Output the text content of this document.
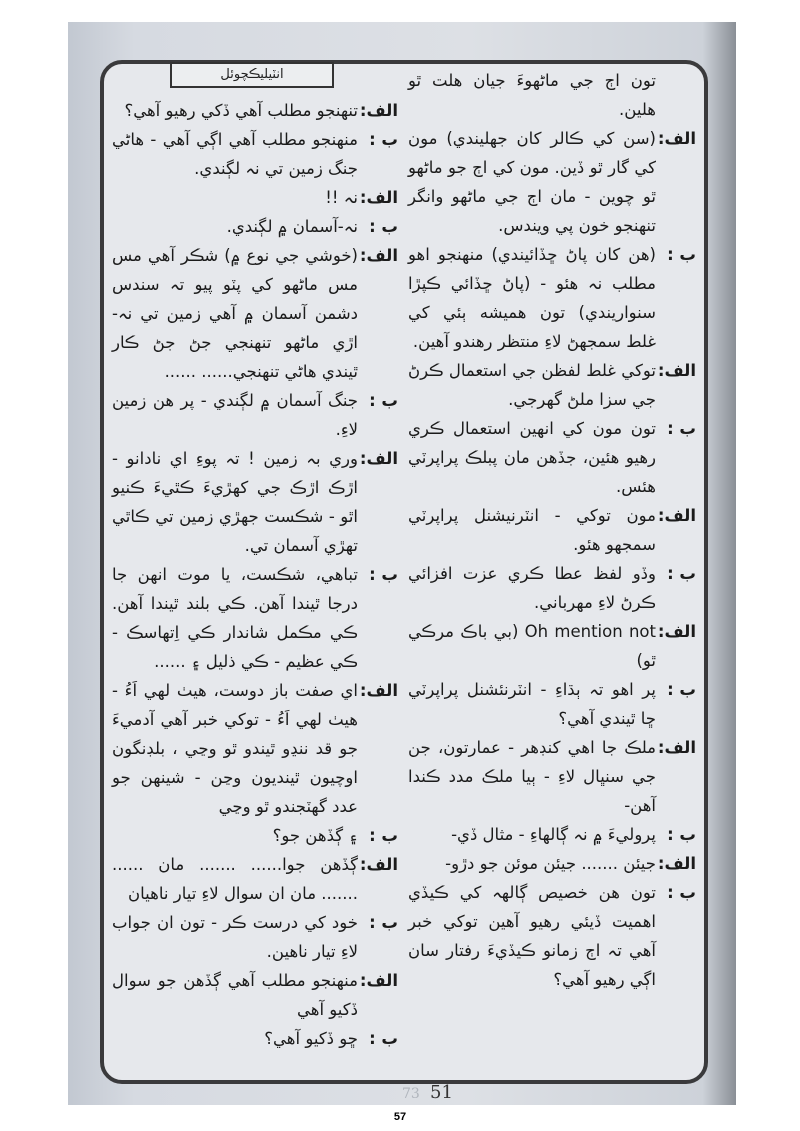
انٽيليڪچوئل	تون اڄ جي ماڻهوءَ جيان هلت ٿو هلين.
الف:
(سن کي ڪالر کان جهليندي) مون کي گار ٿو ڏين. مون کي اڄ جو ماڻهو ٿو چوين - مان اڄ جي ماڻهو وانگر تنهنجو خون پي ويندس.
ب :
(هن کان پاڻ ڇڏائيندي) منهنجو اهو مطلب نہ هئو - (پاڻ ڇڏائي ڪپڙا سنواريندي) تون هميشه ٻئي کي غلط سمجهڻ لاءِ منتظر رهندو آهين.
الف:
توکي غلط لفظن جي استعمال ڪرڻ جي سزا ملڻ گهرجي.
ب :
تون مون کي انهين استعمال ڪري رهيو هئين، جڏهن مان پبلڪ پراپرٽي هئس.
الف:
مون توکي - انٽرنيشنل پراپرٽي سمجهو هئو.
ب :
وڏو لفظ عطا ڪري عزت افزائي ڪرڻ لاءِ مهرباني.
الف:
Oh mention not (بي باڪ مرڪي ٿو)
ب :
پر اهو تہ ٻڌاءِ - انٽرنئشنل پراپرٽي ڇا ٿيندي آهي؟
الف:
ملڪ جا اهي کنڊهر - عمارتون، جن جي سنڀال لاءِ - ٻيا ملڪ مدد ڪندا آهن-
ب :
پروليءَ ۾ نہ ڳالهاءِ - مثال ڏي-
الف:
جيئن ....... جيئن موئن جو دڙو-
ب :
تون هن خصيص ڳالهہ کي ڪيڏي اهميت ڏيئي رهيو آهين توکي خبر آهي تہ اڄ زمانو ڪيڏيءَ رفتار سان اڳي رهيو آهي؟
الف:
تنهنجو مطلب آهي ڏکي رهيو آهي؟
ب :
منهنجو مطلب آهي اڳي آهي - هاڻي جنگ زمين تي نہ لڳندي.
الف:
نہ !!
ب :
نہ-آسمان ۾ لڳندي.
الف:
(خوشي جي نوع ۾) شڪر آهي مس مس ماڻهو کي پٽو پيو تہ سندس دشمن آسمان ۾ آهي زمين تي نہ- اڙي ماڻهو تنهنجي جڻ جڻ ڪار ٿيندي هاڻي تنهنجي...... ......
ب :
جنگ آسمان ۾ لڳندي - پر هن زمين لاءِ.
الف:
وري بہ زمين ! تہ پوءِ اي نادانو - اڙڪ اڙڪ جي کهڙيءَ ڪٿيءَ ڪنيو اٿو - شڪست جهڙي زمين تي ڪاٿي تهڙي آسمان تي.
ب :
تباهي، شڪست، يا موت انهن جا درجا ٿيندا آهن. ڪي بلند ٿيندا آهن. ڪي مڪمل شاندار ڪي اِتهاسڪ - ڪي عظيم - ڪي ذليل ۽ ......
الف:
اي صفت باز دوست، هيٺ لهي اَءُ - هيٺ لهي اَءُ - توکي خبر آهي آدميءَ جو قد ننڍو ٿيندو ٿو وڃي ، بلڊنگون اوچيون ٿينديون وڃن - شينهن جو عدد گهٽجندو ٿو وڃي
ب :
۽ ڳڏهن جو؟
الف:
ڳڏهن جوا...... ....... مان ...... ....... مان ان سوال لاءِ تيار ناهيان
ب :
خود کي درست ڪر - تون ان جواب لاءِ تيار ناهين.
الف:
منهنجو مطلب آهي ڳڏهن جو سوال ڏکيو آهي
ب :
ڇو ڏکيو آهي؟
73 51
57
